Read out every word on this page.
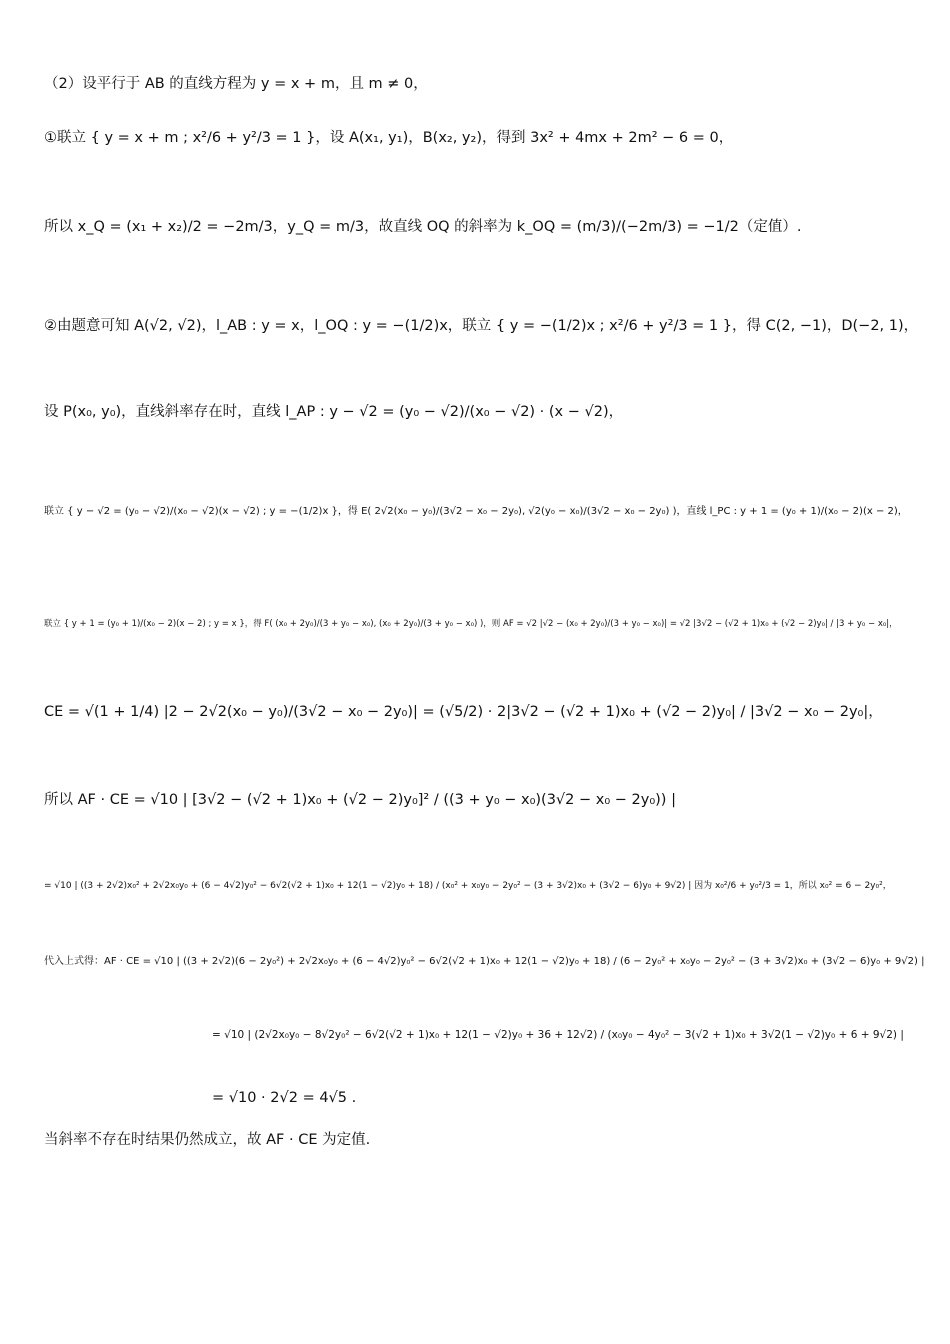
（2）设平行于 AB 的直线方程为 y = x + m，且 m ≠ 0，
①联立 { y = x + m ; x²/6 + y²/3 = 1 }，设 A(x₁, y₁)，B(x₂, y₂)，得到 3x² + 4mx + 2m² − 6 = 0，
所以 x_Q = (x₁ + x₂)/2 = −2m/3，y_Q = m/3，故直线 OQ 的斜率为 k_OQ = (m/3)/(−2m/3) = −1/2（定值）.
②由题意可知 A(√2, √2)，l_AB : y = x，l_OQ : y = −(1/2)x，联立 { y = −(1/2)x ; x²/6 + y²/3 = 1 }，得 C(2, −1)，D(−2, 1)，
设 P(x₀, y₀)，直线斜率存在时，直线 l_AP : y − √2 = (y₀ − √2)/(x₀ − √2) · (x − √2)，
联立 { y − √2 = (y₀ − √2)/(x₀ − √2)(x − √2) ; y = −(1/2)x }，得 E( 2√2(x₀ − y₀)/(3√2 − x₀ − 2y₀), √2(y₀ − x₀)/(3√2 − x₀ − 2y₀) )，直线 l_PC : y + 1 = (y₀ + 1)/(x₀ − 2)(x − 2)，
联立 { y + 1 = (y₀ + 1)/(x₀ − 2)(x − 2) ; y = x }，得 F( (x₀ + 2y₀)/(3 + y₀ − x₀), (x₀ + 2y₀)/(3 + y₀ − x₀) )，则 AF = √2 |√2 − (x₀ + 2y₀)/(3 + y₀ − x₀)| = √2 |3√2 − (√2 + 1)x₀ + (√2 − 2)y₀| / |3 + y₀ − x₀|，
CE = √(1 + 1/4) |2 − 2√2(x₀ − y₀)/(3√2 − x₀ − 2y₀)| = (√5/2) · 2|3√2 − (√2 + 1)x₀ + (√2 − 2)y₀| / |3√2 − x₀ − 2y₀|，
所以 AF · CE = √10 | [3√2 − (√2 + 1)x₀ + (√2 − 2)y₀]² / ((3 + y₀ − x₀)(3√2 − x₀ − 2y₀)) |
= √10 | ((3 + 2√2)x₀² + 2√2x₀y₀ + (6 − 4√2)y₀² − 6√2(√2 + 1)x₀ + 12(1 − √2)y₀ + 18) / (x₀² + x₀y₀ − 2y₀² − (3 + 3√2)x₀ + (3√2 − 6)y₀ + 9√2) | 因为 x₀²/6 + y₀²/3 = 1，所以 x₀² = 6 − 2y₀²，
代入上式得：AF · CE = √10 | ((3 + 2√2)(6 − 2y₀²) + 2√2x₀y₀ + (6 − 4√2)y₀² − 6√2(√2 + 1)x₀ + 12(1 − √2)y₀ + 18) / (6 − 2y₀² + x₀y₀ − 2y₀² − (3 + 3√2)x₀ + (3√2 − 6)y₀ + 9√2) |
= √10 | (2√2x₀y₀ − 8√2y₀² − 6√2(√2 + 1)x₀ + 12(1 − √2)y₀ + 36 + 12√2) / (x₀y₀ − 4y₀² − 3(√2 + 1)x₀ + 3√2(1 − √2)y₀ + 6 + 9√2) |
= √10 · 2√2 = 4√5 .
当斜率不存在时结果仍然成立，故 AF · CE 为定值.
